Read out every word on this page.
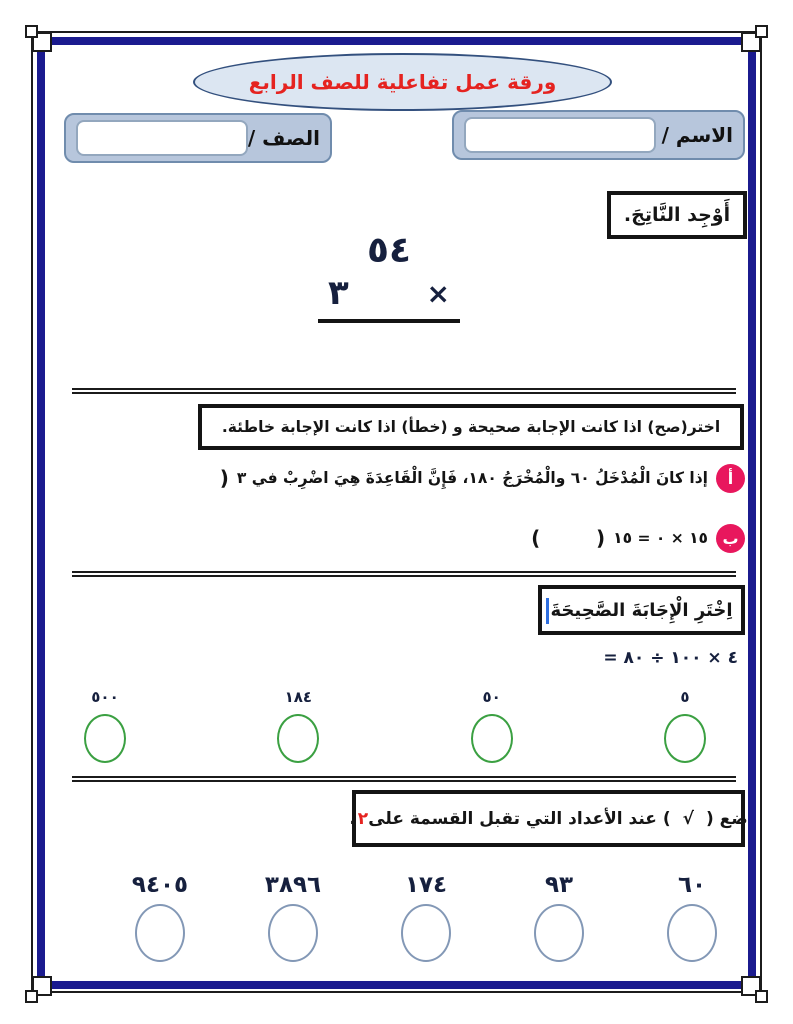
ورقة عمل تفاعلية للصف الرابع
الاسم /
الصف /
أَوْجِد النَّاتِجَ.
٥٤
×
٣
اختر(صح) اذا كانت الإجابة صحيحة و (خطأ) اذا كانت الإجابة خاطئة.
أ
إذا كانَ الْمُدْخَلُ ٦٠ والْمُخْرَجُ ١٨٠، فَإِنَّ الْقَاعِدَةَ هِيَ اضْرِبْ في ٣
)
ب
١٥ × ٠ = ١٥
(	)
اِخْتَرِ الْإِجَابَةَ الصَّحِيحَةَ
٤ × ١٠٠ ÷ ٨٠ =
٥
٥٠
١٨٤
٥٠٠
ضع (
√
) عند الأعداد التي تقبل القسمة على
٢
.
٦٠
٩٣
١٧٤
٣٨٩٦
٩٤٠٥
